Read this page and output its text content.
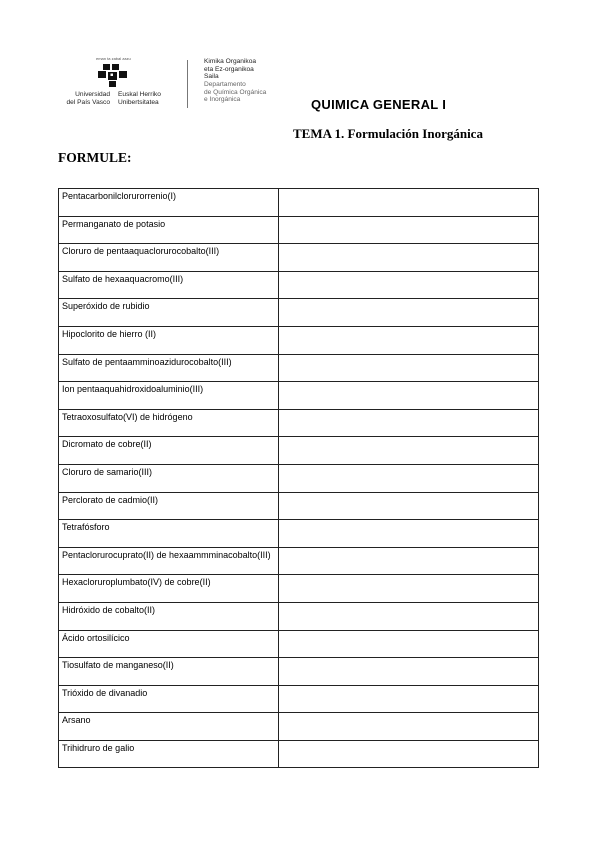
eman ta zabal zazu
Universidad
del País Vasco
Euskal Herriko
Unibertsitatea
Kimika Organikoa
eta Ez-organikoa
Saila
Departamento
de Química Orgánica
e Inorgánica	QUIMICA GENERAL I
TEMA 1. Formulación Inorgánica
FORMULE:
Pentacarbonilclorurorrenio(I)	
Permanganato de potasio	
Cloruro de pentaaquaclorurocobalto(III)	
Sulfato de hexaaquacromo(III)	
Superóxido de rubidio	
Hipoclorito de hierro (II)	
Sulfato de pentaamminoazidurocobalto(III)	
Ion pentaaquahidroxidoaluminio(III)	
Tetraoxosulfato(VI) de hidrógeno	
Dicromato de cobre(II)	
Cloruro de samario(III)	
Perclorato de cadmio(II)	
Tetrafósforo	
Pentaclorurocuprato(II) de hexaammminacobalto(III)	
Hexacloruroplumbato(IV) de cobre(II)	
Hidróxido de cobalto(II)	
Ácido ortosilícico	
Tiosulfato de manganeso(II)	
Trióxido de divanadio	
Arsano	
Trihidruro de galio	
